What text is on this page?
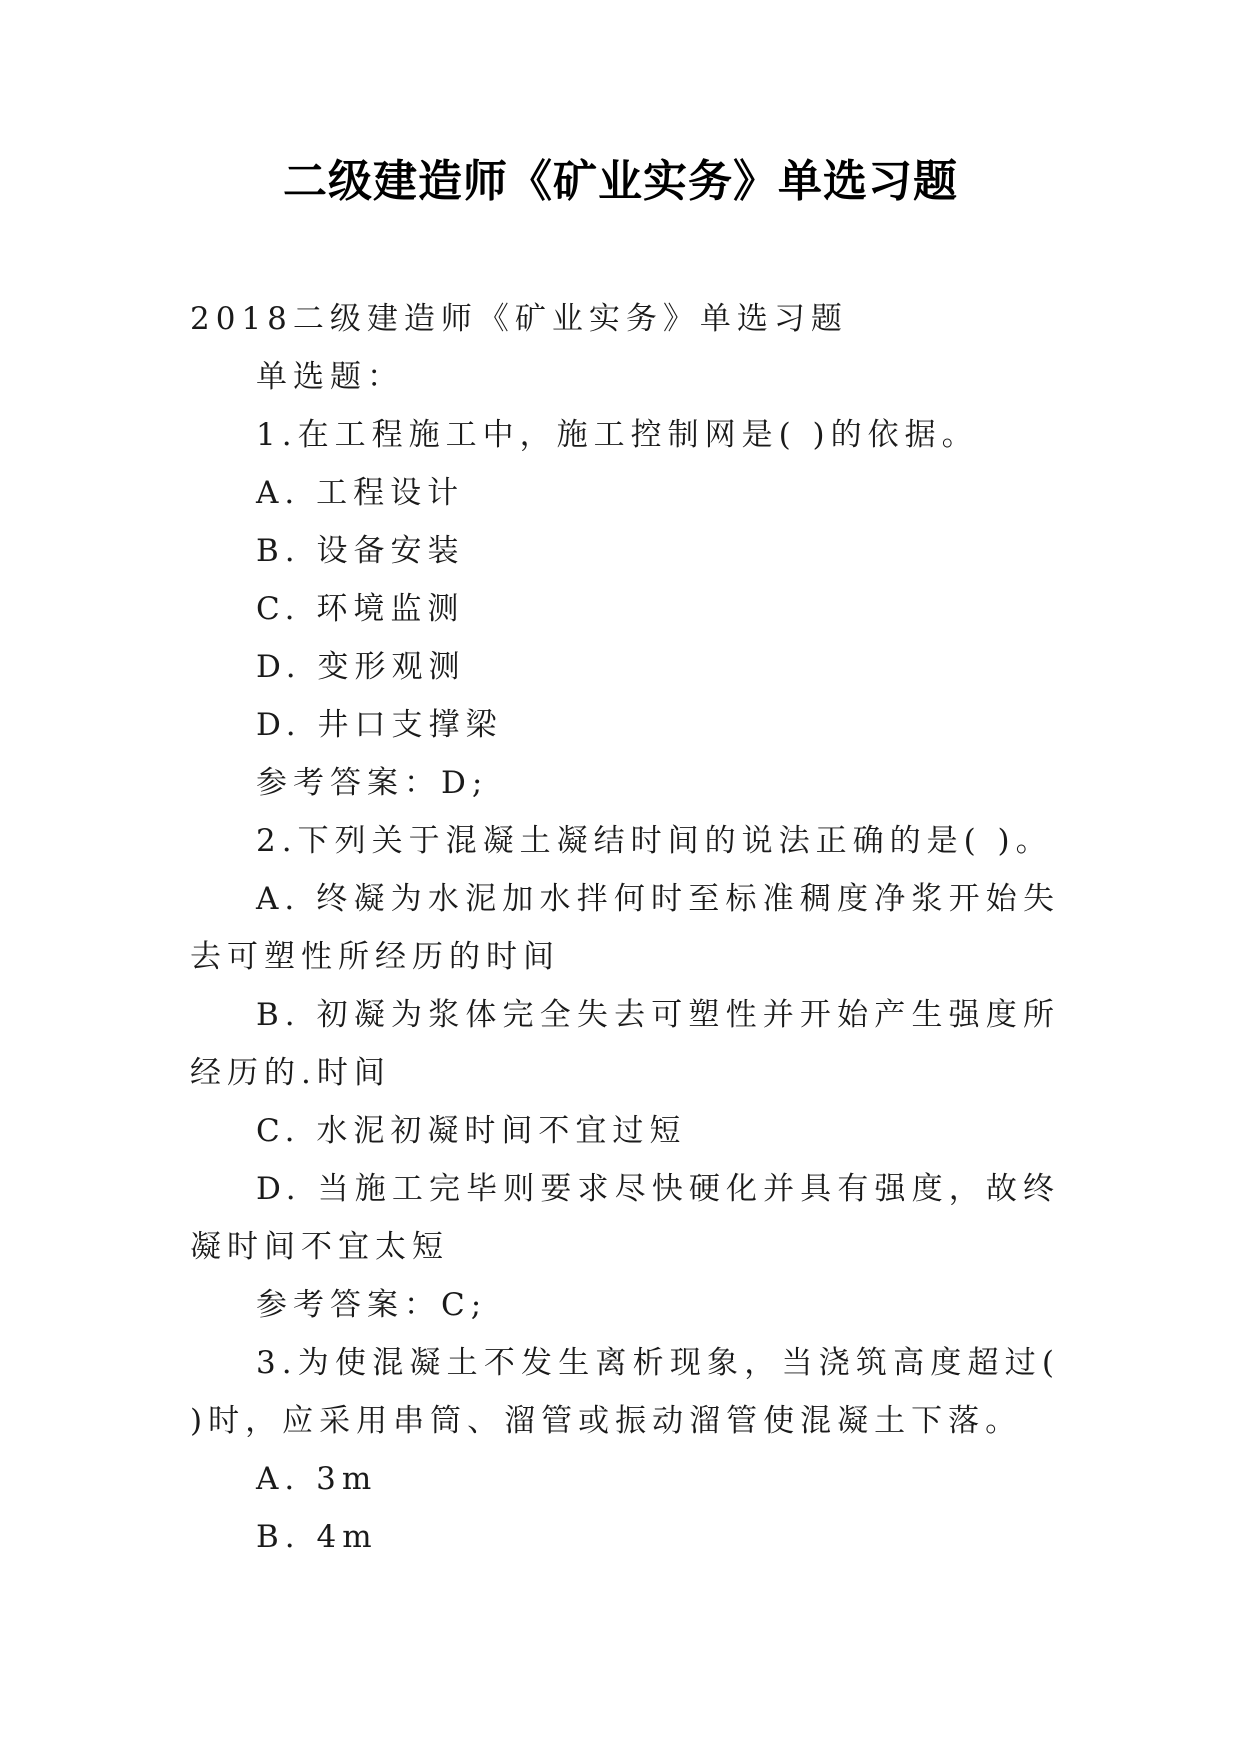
二级建造师《矿业实务》单选习题

2018二级建造师《矿业实务》单选习题

单选题：

1.在工程施工中，施工控制网是( )的依据。

A. 工程设计

B. 设备安装

C. 环境监测

D. 变形观测

D. 井口支撑梁

参考答案：D;

2.下列关于混凝土凝结时间的说法正确的是( )。

A. 终凝为水泥加水拌何时至标准稠度净浆开始失去可塑性所经历的时间

B. 初凝为浆体完全失去可塑性并开始产生强度所经历的.时间

C. 水泥初凝时间不宜过短

D. 当施工完毕则要求尽快硬化并具有强度，故终凝时间不宜太短

参考答案：C;

3.为使混凝土不发生离析现象，当浇筑高度超过( )时，应采用串筒、溜管或振动溜管使混凝土下落。

A. 3m

B. 4m
